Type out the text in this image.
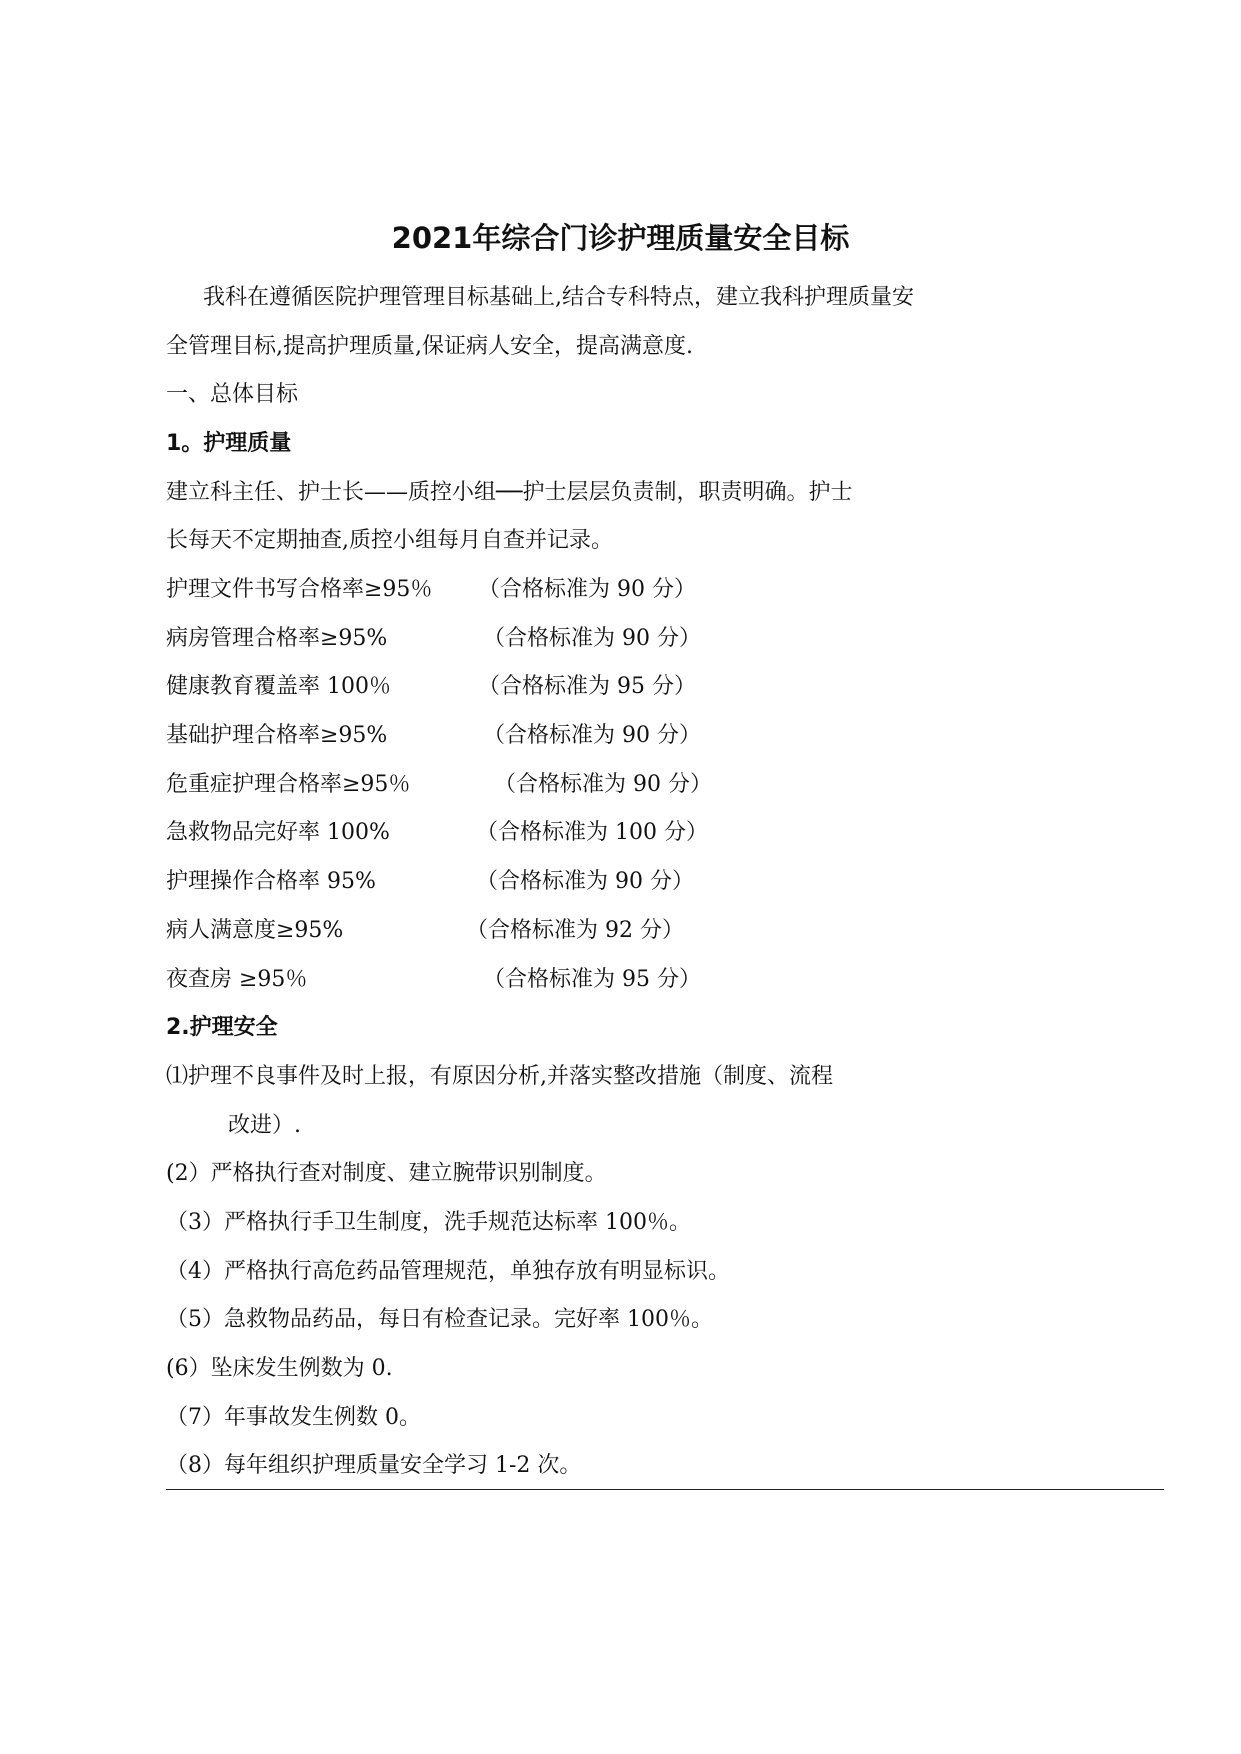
2021年综合门诊护理质量安全目标
我科在遵循医院护理管理目标基础上,结合专科特点，建立我科护理质量安
全管理目标,提高护理质量,保证病人安全，提高满意度.
一、总体目标
1。护理质量
建立科主任、护士长——质控小组──护士层层负责制，职责明确。护士
长每天不定期抽查,质控小组每月自查并记录。
护理文件书写合格率≥95％ （合格标准为 90 分）
病房管理合格率≥95%	（合格标准为 90 分）
健康教育覆盖率 100％	（合格标准为 95 分）
基础护理合格率≥95%	（合格标准为 90 分）
危重症护理合格率≥95％	（合格标准为 90 分）
急救物品完好率 100%	（合格标准为 100 分）
护理操作合格率 95%	（合格标准为 90 分）
病人满意度≥95%	（合格标准为 92 分）
夜查房 ≥95％	（合格标准为 95 分）
2.护理安全
⑴护理不良事件及时上报，有原因分析,并落实整改措施（制度、流程
改进）.
(2）严格执行查对制度、建立腕带识别制度。
（3）严格执行手卫生制度，洗手规范达标率 100％。
（4）严格执行高危药品管理规范，单独存放有明显标识。
（5）急救物品药品，每日有检查记录。完好率 100％。
(6）坠床发生例数为 0.
（7）年事故发生例数 0。
（8）每年组织护理质量安全学习 1-2 次。
